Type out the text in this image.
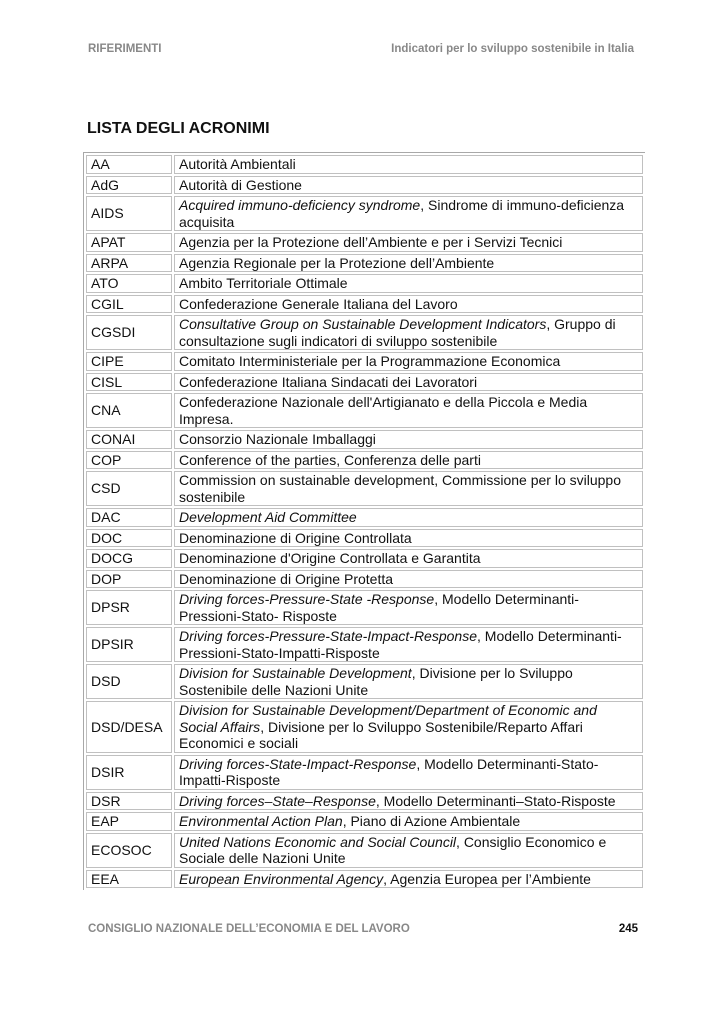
RIFERIMENTI	Indicatori per lo sviluppo sostenibile in Italia
LISTA DEGLI ACRONIMI
AA	Autorità Ambientali
AdG	Autorità di Gestione
AIDS	Acquired immuno-deficiency syndrome, Sindrome di immuno-deficienza acquisita
APAT	Agenzia per la Protezione dell’Ambiente e per i Servizi Tecnici
ARPA	Agenzia Regionale per la Protezione dell’Ambiente
ATO	Ambito Territoriale Ottimale
CGIL	Confederazione Generale Italiana del Lavoro
CGSDI	Consultative Group on Sustainable Development Indicators, Gruppo di consultazione sugli indicatori di sviluppo sostenibile
CIPE	Comitato Interministeriale per la Programmazione Economica
CISL	Confederazione Italiana Sindacati dei Lavoratori
CNA	Confederazione Nazionale dell'Artigianato e della Piccola e Media Impresa.
CONAI	Consorzio Nazionale Imballaggi
COP	Conference of the parties, Conferenza delle parti
CSD	Commission on sustainable development, Commissione per lo sviluppo sostenibile
DAC	Development Aid Committee
DOC	Denominazione di Origine Controllata
DOCG	Denominazione d'Origine Controllata e Garantita
DOP	Denominazione di Origine Protetta
DPSR	Driving forces-Pressure-State -Response, Modello Determinanti-Pressioni-Stato- Risposte
DPSIR	Driving forces-Pressure-State-Impact-Response, Modello Determinanti-Pressioni-Stato-Impatti-Risposte
DSD	Division for Sustainable Development, Divisione per lo Sviluppo Sostenibile delle Nazioni Unite
DSD/DESA	Division for Sustainable Development/Department of Economic and Social Affairs, Divisione per lo Sviluppo Sostenibile/Reparto Affari Economici e sociali
DSIR	Driving forces-State-Impact-Response, Modello Determinanti-Stato-Impatti-Risposte
DSR	Driving forces–State–Response, Modello Determinanti–Stato-Risposte
EAP	Environmental Action Plan, Piano di Azione Ambientale
ECOSOC	United Nations Economic and Social Council, Consiglio Economico e Sociale delle Nazioni Unite
EEA	European Environmental Agency, Agenzia Europea per l’Ambiente
CONSIGLIO NAZIONALE DELL’ECONOMIA E DEL LAVORO	245
